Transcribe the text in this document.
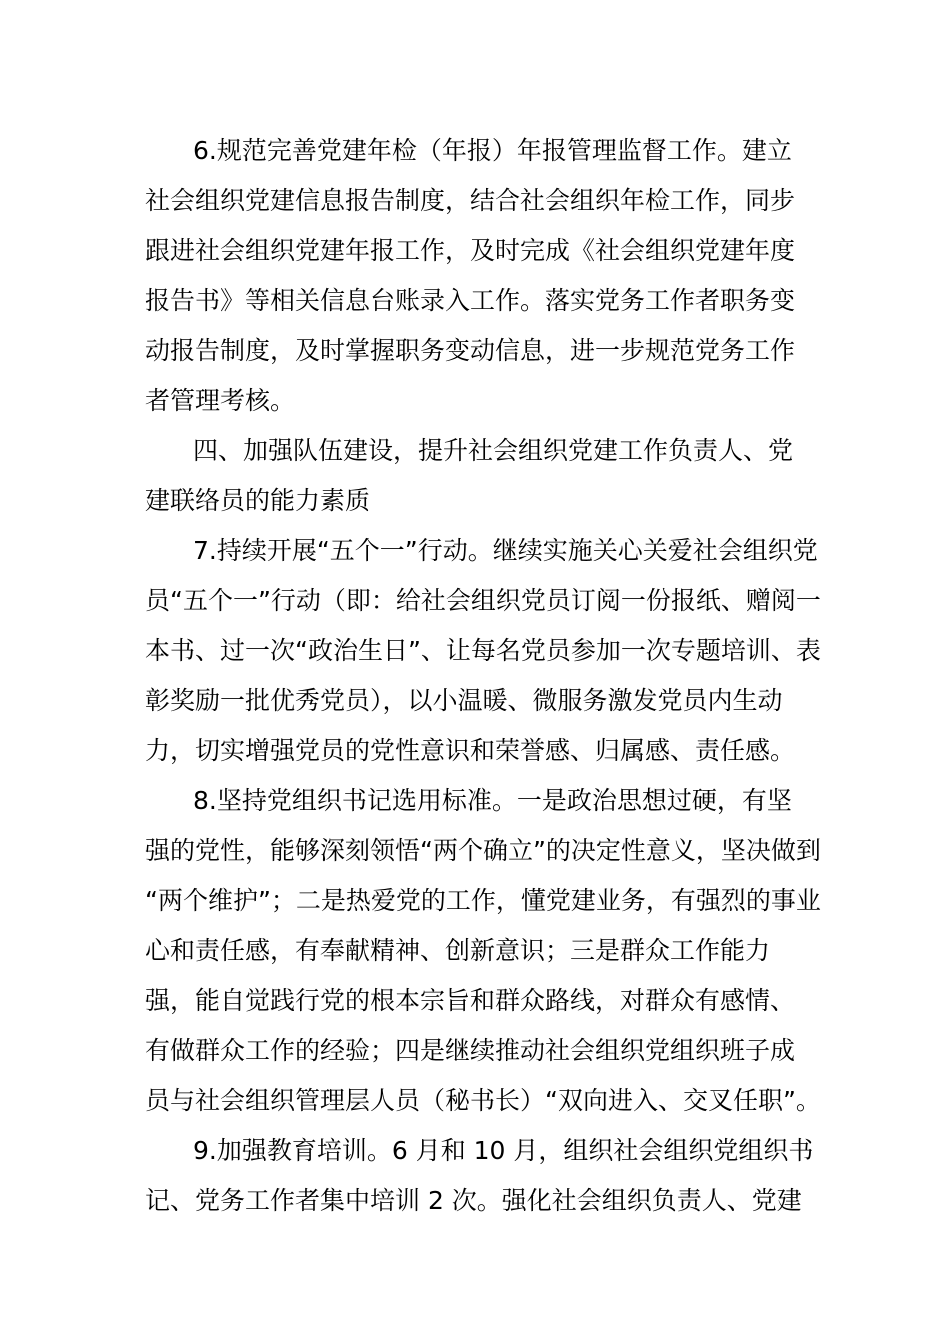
6.规范完善党建年检（年报）年报管理监督工作。建立
社会组织党建信息报告制度，结合社会组织年检工作，同步
跟进社会组织党建年报工作，及时完成《社会组织党建年度
报告书》等相关信息台账录入工作。落实党务工作者职务变
动报告制度，及时掌握职务变动信息，进一步规范党务工作
者管理考核。
四、加强队伍建设，提升社会组织党建工作负责人、党
建联络员的能力素质
7.持续开展“五个一”行动。继续实施关心关爱社会组织党
员“五个一”行动（即：给社会组织党员订阅一份报纸、赠阅一
本书、过一次“政治生日”、让每名党员参加一次专题培训、表
彰奖励一批优秀党员），以小温暖、微服务激发党员内生动
力，切实增强党员的党性意识和荣誉感、归属感、责任感。
8.坚持党组织书记选用标准。一是政治思想过硬，有坚
强的党性，能够深刻领悟“两个确立”的决定性意义，坚决做到
“两个维护”；二是热爱党的工作，懂党建业务，有强烈的事业
心和责任感，有奉献精神、创新意识；三是群众工作能力
强，能自觉践行党的根本宗旨和群众路线，对群众有感情、
有做群众工作的经验；四是继续推动社会组织党组织班子成
员与社会组织管理层人员（秘书长）“双向进入、交叉任职”。
9.加强教育培训。6 月和 10 月，组织社会组织党组织书
记、党务工作者集中培训 2 次。强化社会组织负责人、党建
